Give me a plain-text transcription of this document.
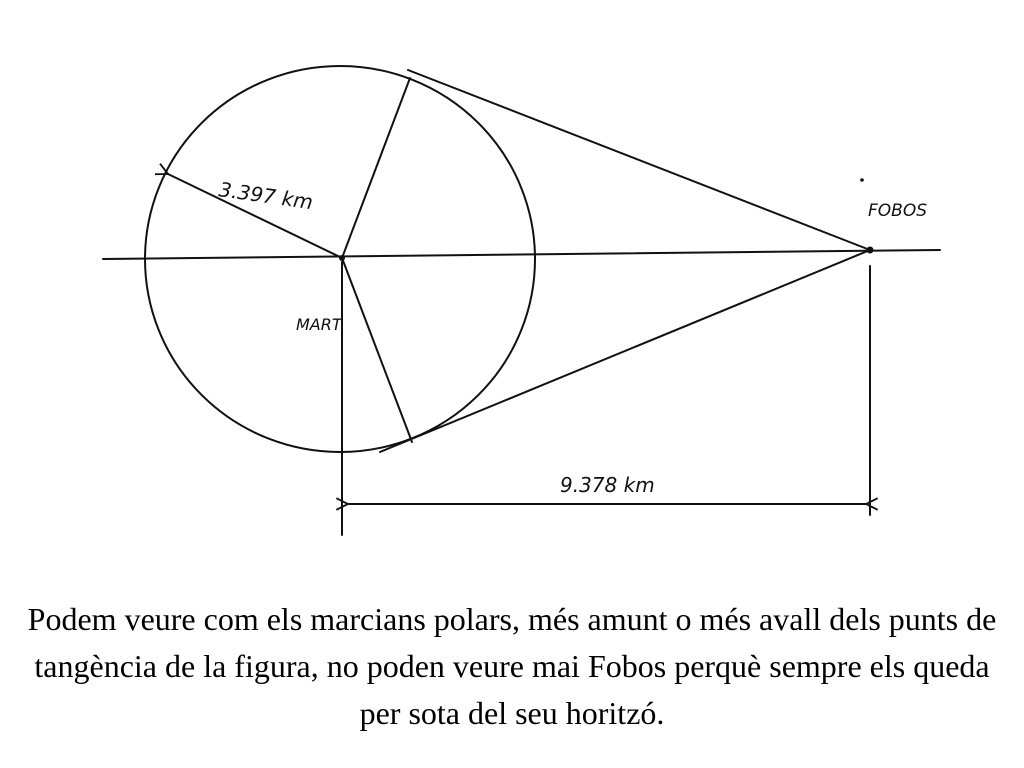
3.397 km
MART
FOBOS
9.378 km

Podem veure com els marcians polars, més amunt o més avall dels punts de tangència de la figura, no poden veure mai Fobos perquè sempre els queda per sota del seu horitzó.
